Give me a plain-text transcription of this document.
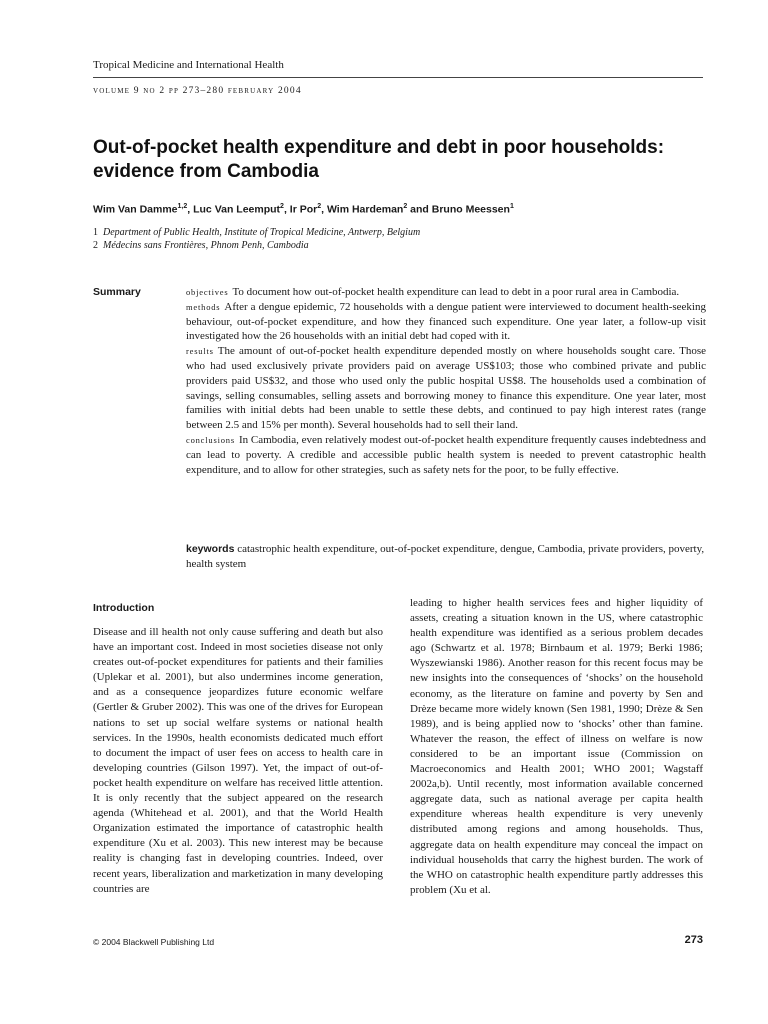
Tropical Medicine and International Health
volume 9 no 2 pp 273–280 february 2004
Out-of-pocket health expenditure and debt in poor households: evidence from Cambodia
Wim Van Damme$^{1,2}$, Luc Van Leemput$^2$, Ir Por$^2$, Wim Hardeman$^2$ and Bruno Meessen$^1$
1 Department of Public Health, Institute of Tropical Medicine, Antwerp, Belgium
2 Médecins sans Frontières, Phnom Penh, Cambodia
Summary	objectives To document how out-of-pocket health expenditure can lead to debt in a poor rural area in Cambodia.

methods After a dengue epidemic, 72 households with a dengue patient were interviewed to document health-seeking behaviour, out-of-pocket expenditure, and how they financed such expenditure. One year later, a follow-up visit investigated how the 26 households with an initial debt had coped with it.

results The amount of out-of-pocket health expenditure depended mostly on where households sought care. Those who had used exclusively private providers paid on average US$103; those who combined private and public providers paid US$32, and those who used only the public hospital US$8. The households used a combination of savings, selling consumables, selling assets and borrowing money to finance this expenditure. One year later, most families with initial debts had been unable to settle these debts, and continued to pay high interest rates (range between 2.5 and 15% per month). Several households had to sell their land.

conclusions In Cambodia, even relatively modest out-of-pocket health expenditure frequently causes indebtedness and can lead to poverty. A credible and accessible public health system is needed to prevent catastrophic health expenditure, and to allow for other strategies, such as safety nets for the poor, to be fully effective.

keywords catastrophic health expenditure, out-of-pocket expenditure, dengue, Cambodia, private providers, poverty, health system
Introduction

Disease and ill health not only cause suffering and death but also have an important cost. Indeed in most societies disease not only creates out-of-pocket expenditures for patients and their families (Uplekar et al. 2001), but also undermines income generation, and as a consequence jeopardizes future economic welfare (Gertler & Gruber 2002). This was one of the drives for European nations to set up social welfare systems or national health services. In the 1990s, health economists dedicated much effort to document the impact of user fees on access to health care in developing countries (Gilson 1997). Yet, the impact of out-of-pocket health expenditure on welfare has received little attention. It is only recently that the subject appeared on the research agenda (Whitehead et al. 2001), and that the World Health Organization estimated the importance of catastrophic health expenditure (Xu et al. 2003). This new interest may be because reality is changing fast in developing countries. Indeed, over recent years, liberalization and marketization in many developing countries are

leading to higher health services fees and higher liquidity of assets, creating a situation known in the US, where catastrophic health expenditure was identified as a serious problem decades ago (Schwartz et al. 1978; Birnbaum et al. 1979; Berki 1986; Wyszewianski 1986). Another reason for this recent focus may be new insights into the consequences of ‘shocks’ on the household economy, as the literature on famine and poverty by Sen and Drèze became more widely known (Sen 1981, 1990; Drèze & Sen 1989), and is being applied now to ‘shocks’ other than famine. Whatever the reason, the effect of illness on welfare is now considered to be an important issue (Commission on Macroeconomics and Health 2001; WHO 2001; Wagstaff 2002a,b). Until recently, most information available concerned aggregate data, such as national average per capita health expenditure whereas health expenditure is very unevenly distributed among regions and among households. Thus, aggregate data on health expenditure may conceal the impact on individual households that carry the highest burden. The work of the WHO on catastrophic health expenditure partly addresses this problem (Xu et al.

© 2004 Blackwell Publishing Ltd	273
